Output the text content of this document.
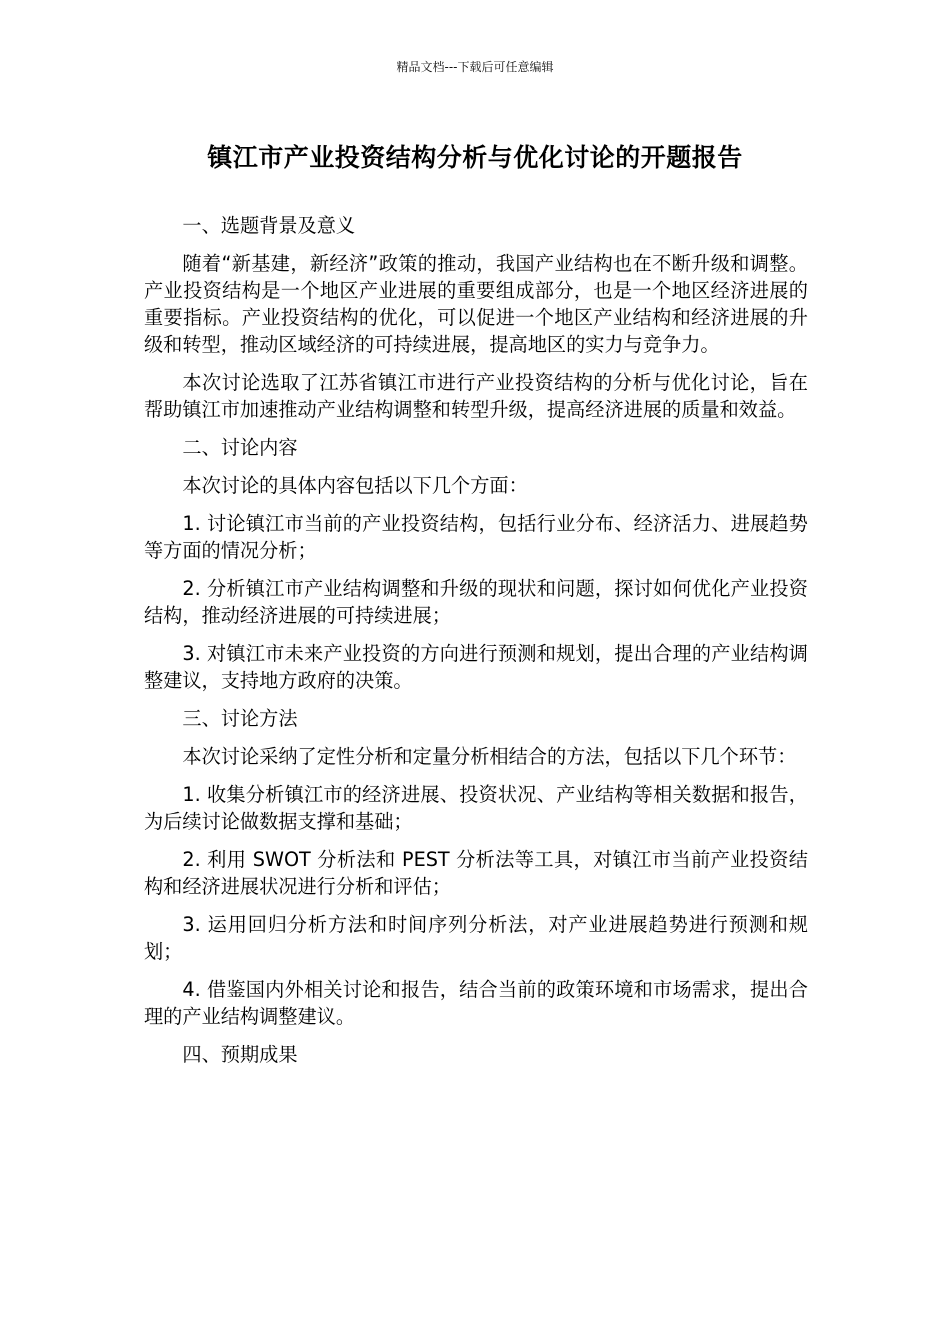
精品文档---下载后可任意编辑
镇江市产业投资结构分析与优化讨论的开题报告

一、选题背景及意义

随着“新基建，新经济”政策的推动，我国产业结构也在不断升级和调整。产业投资结构是一个地区产业进展的重要组成部分，也是一个地区经济进展的重要指标。产业投资结构的优化，可以促进一个地区产业结构和经济进展的升级和转型，推动区域经济的可持续进展，提高地区的实力与竞争力。

本次讨论选取了江苏省镇江市进行产业投资结构的分析与优化讨论，旨在帮助镇江市加速推动产业结构调整和转型升级，提高经济进展的质量和效益。

二、讨论内容

本次讨论的具体内容包括以下几个方面：

1. 讨论镇江市当前的产业投资结构，包括行业分布、经济活力、进展趋势等方面的情况分析；

2. 分析镇江市产业结构调整和升级的现状和问题，探讨如何优化产业投资结构，推动经济进展的可持续进展；

3. 对镇江市未来产业投资的方向进行预测和规划，提出合理的产业结构调整建议，支持地方政府的决策。

三、讨论方法

本次讨论采纳了定性分析和定量分析相结合的方法，包括以下几个环节：

1. 收集分析镇江市的经济进展、投资状况、产业结构等相关数据和报告，为后续讨论做数据支撑和基础；

2. 利用 SWOT 分析法和 PEST 分析法等工具，对镇江市当前产业投资结构和经济进展状况进行分析和评估；

3. 运用回归分析方法和时间序列分析法，对产业进展趋势进行预测和规划；

4. 借鉴国内外相关讨论和报告，结合当前的政策环境和市场需求，提出合理的产业结构调整建议。

四、预期成果
